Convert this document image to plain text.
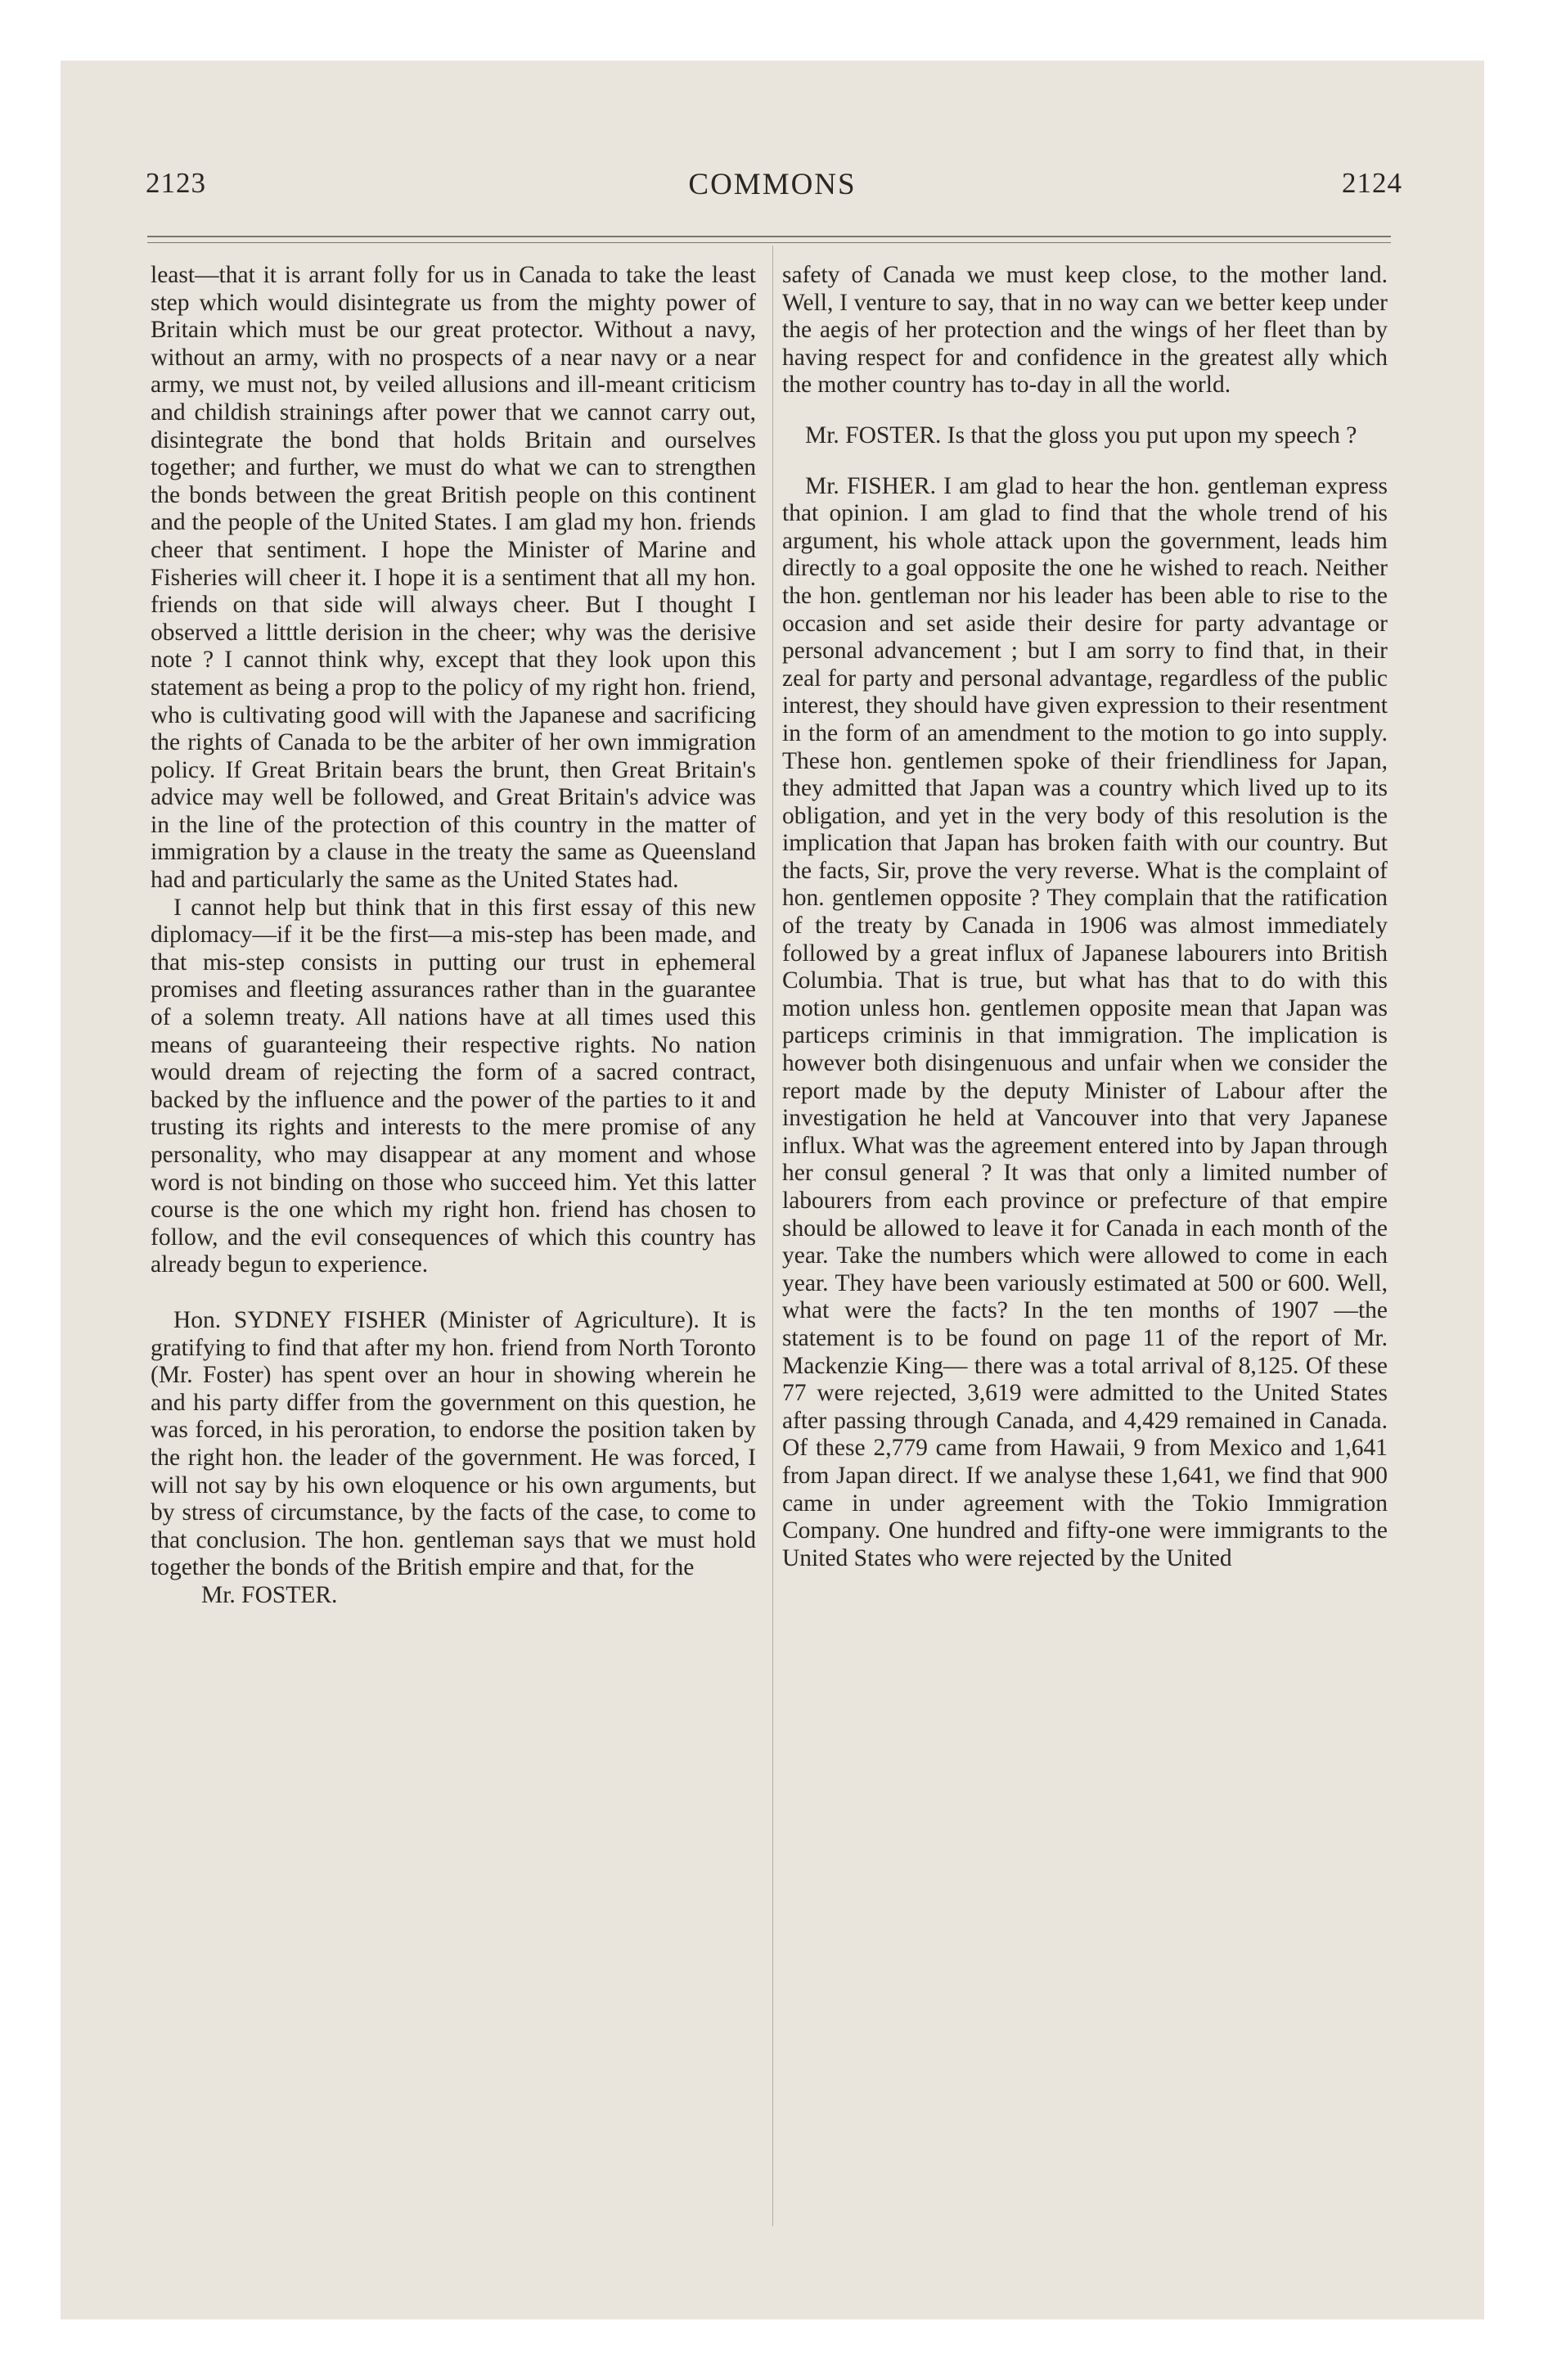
2123	COMMONS	2124

least—that it is arrant folly for us in Canada to take the least step which would disintegrate us from the mighty power of Britain which must be our great protector. Without a navy, without an army, with no prospects of a near navy or a near army, we must not, by veiled allusions and ill-meant criticism and childish strainings after power that we cannot carry out, disintegrate the bond that holds Britain and ourselves together; and further, we must do what we can to strengthen the bonds between the great British people on this continent and the people of the United States. I am glad my hon. friends cheer that sentiment. I hope the Minister of Marine and Fisheries will cheer it. I hope it is a sentiment that all my hon. friends on that side will always cheer. But I thought I observed a litttle derision in the cheer; why was the derisive note ? I cannot think why, except that they look upon this statement as being a prop to the policy of my right hon. friend, who is cultivating good will with the Japanese and sacrificing the rights of Canada to be the arbiter of her own immigration policy. If Great Britain bears the brunt, then Great Britain's advice may well be followed, and Great Britain's advice was in the line of the protection of this country in the matter of immigration by a clause in the treaty the same as Queensland had and particularly the same as the United States had.

I cannot help but think that in this first essay of this new diplomacy—if it be the first—a mis-step has been made, and that mis-step consists in putting our trust in ephemeral promises and fleeting assurances rather than in the guarantee of a solemn treaty. All nations have at all times used this means of guaranteeing their respective rights. No nation would dream of rejecting the form of a sacred contract, backed by the influence and the power of the parties to it and trusting its rights and interests to the mere promise of any personality, who may disappear at any moment and whose word is not binding on those who succeed him. Yet this latter course is the one which my right hon. friend has chosen to follow, and the evil consequences of which this country has already begun to experience.

Hon. SYDNEY FISHER (Minister of Agriculture). It is gratifying to find that after my hon. friend from North Toronto (Mr. Foster) has spent over an hour in showing wherein he and his party differ from the government on this question, he was forced, in his peroration, to endorse the position taken by the right hon. the leader of the government. He was forced, I will not say by his own eloquence or his own arguments, but by stress of circumstance, by the facts of the case, to come to that conclusion. The hon. gentleman says that we must hold together the bonds of the British empire and that, for the

Mr. FOSTER.

safety of Canada we must keep close, to the mother land. Well, I venture to say, that in no way can we better keep under the aegis of her protection and the wings of her fleet than by having respect for and confidence in the greatest ally which the mother country has to-day in all the world.

Mr. FOSTER. Is that the gloss you put upon my speech ?

Mr. FISHER. I am glad to hear the hon. gentleman express that opinion. I am glad to find that the whole trend of his argument, his whole attack upon the government, leads him directly to a goal opposite the one he wished to reach. Neither the hon. gentleman nor his leader has been able to rise to the occasion and set aside their desire for party advantage or personal advancement ; but I am sorry to find that, in their zeal for party and personal advantage, regardless of the public interest, they should have given expression to their resentment in the form of an amendment to the motion to go into supply. These hon. gentlemen spoke of their friendliness for Japan, they admitted that Japan was a country which lived up to its obligation, and yet in the very body of this resolution is the implication that Japan has broken faith with our country. But the facts, Sir, prove the very reverse. What is the complaint of hon. gentlemen opposite ? They complain that the ratification of the treaty by Canada in 1906 was almost immediately followed by a great influx of Japanese labourers into British Columbia. That is true, but what has that to do with this motion unless hon. gentlemen opposite mean that Japan was particeps criminis in that immigration. The implication is however both disingenuous and unfair when we consider the report made by the deputy Minister of Labour after the investigation he held at Vancouver into that very Japanese influx. What was the agreement entered into by Japan through her consul general ? It was that only a limited number of labourers from each province or prefecture of that empire should be allowed to leave it for Canada in each month of the year. Take the numbers which were allowed to come in each year. They have been variously estimated at 500 or 600. Well, what were the facts? In the ten months of 1907 —the statement is to be found on page 11 of the report of Mr. Mackenzie King— there was a total arrival of 8,125. Of these 77 were rejected, 3,619 were admitted to the United States after passing through Canada, and 4,429 remained in Canada. Of these 2,779 came from Hawaii, 9 from Mexico and 1,641 from Japan direct. If we analyse these 1,641, we find that 900 came in under agreement with the Tokio Immigration Company. One hundred and fifty-one were immigrants to the United States who were rejected by the United
